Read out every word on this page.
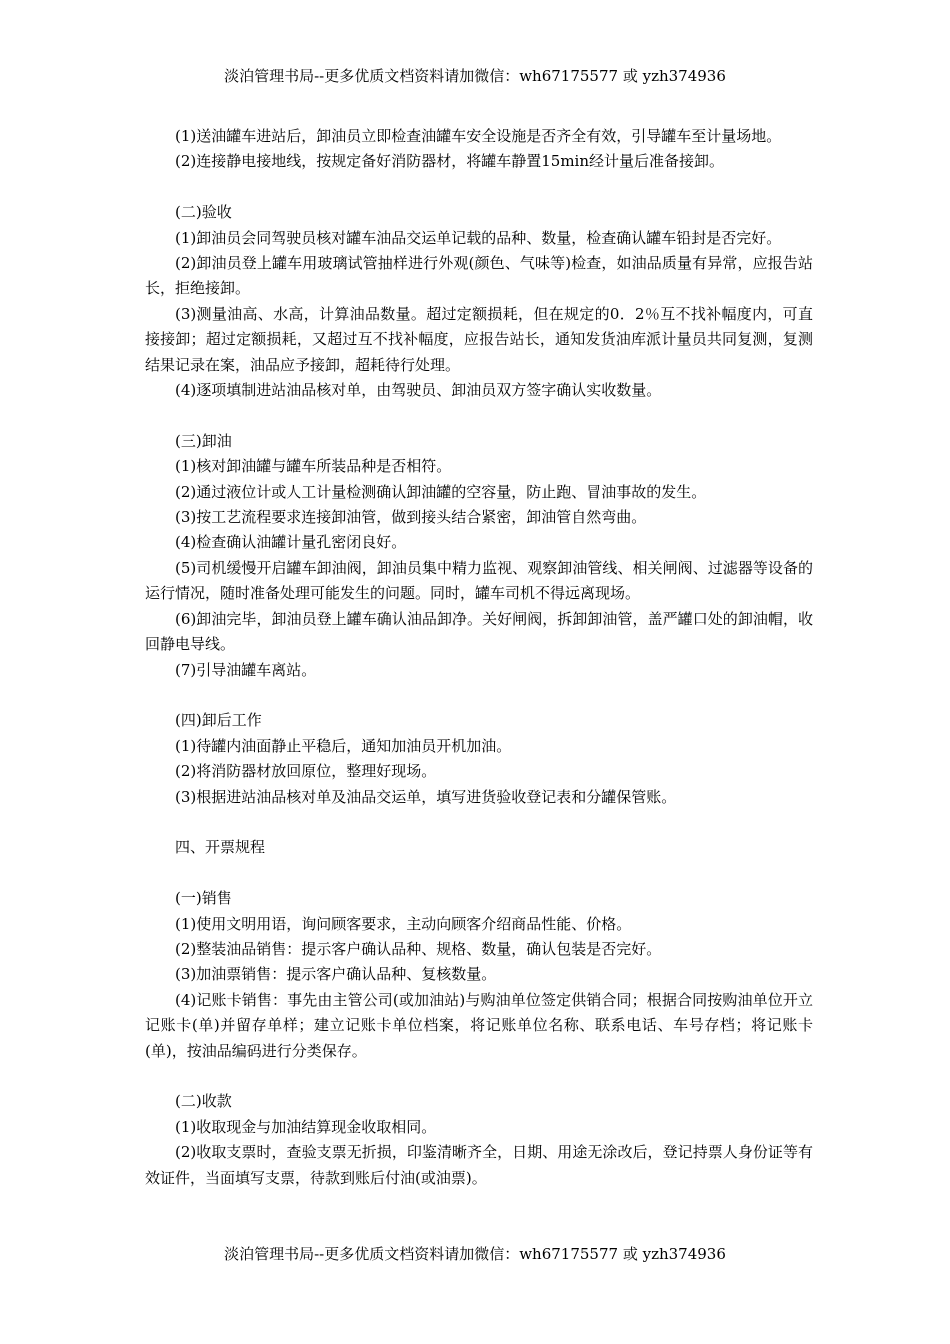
淡泊管理书局--更多优质文档资料请加微信：wh67175577 或 yzh374936

(1)送油罐车进站后，卸油员立即检查油罐车安全设施是否齐全有效，引导罐车至计量场地。

(2)连接静电接地线，按规定备好消防器材，将罐车静置15min经计量后准备接卸。

(二)验收

(1)卸油员会同驾驶员核对罐车油品交运单记载的品种、数量，检查确认罐车铅封是否完好。

(2)卸油员登上罐车用玻璃试管抽样进行外观(颜色、气味等)检查，如油品质量有异常，应报告站长，拒绝接卸。

(3)测量油高、水高，计算油品数量。超过定额损耗，但在规定的0．2％互不找补幅度内，可直接接卸；超过定额损耗，又超过互不找补幅度，应报告站长，通知发货油库派计量员共同复测，复测结果记录在案，油品应予接卸，超耗待行处理。

(4)逐项填制进站油品核对单，由驾驶员、卸油员双方签字确认实收数量。

(三)卸油

(1)核对卸油罐与罐车所装品种是否相符。

(2)通过液位计或人工计量检测确认卸油罐的空容量，防止跑、冒油事故的发生。

(3)按工艺流程要求连接卸油管，做到接头结合紧密，卸油管自然弯曲。

(4)检查确认油罐计量孔密闭良好。

(5)司机缓慢开启罐车卸油阀，卸油员集中精力监视、观察卸油管线、相关闸阀、过滤器等设备的运行情况，随时准备处理可能发生的问题。同时，罐车司机不得远离现场。

(6)卸油完毕，卸油员登上罐车确认油品卸净。关好闸阀，拆卸卸油管，盖严罐口处的卸油帽，收回静电导线。

(7)引导油罐车离站。

(四)卸后工作

(1)待罐内油面静止平稳后，通知加油员开机加油。

(2)将消防器材放回原位，整理好现场。

(3)根据进站油品核对单及油品交运单，填写进货验收登记表和分罐保管账。

四、开票规程

(一)销售

(1)使用文明用语，询问顾客要求，主动向顾客介绍商品性能、价格。

(2)整装油品销售：提示客户确认品种、规格、数量，确认包装是否完好。

(3)加油票销售：提示客户确认品种、复核数量。

(4)记账卡销售：事先由主管公司(或加油站)与购油单位签定供销合同；根据合同按购油单位开立记账卡(单)并留存单样；建立记账卡单位档案，将记账单位名称、联系电话、车号存档；将记账卡(单)，按油品编码进行分类保存。

(二)收款

(1)收取现金与加油结算现金收取相同。

(2)收取支票时，查验支票无折损，印鉴清晰齐全，日期、用途无涂改后，登记持票人身份证等有效证件，当面填写支票，待款到账后付油(或油票)。

淡泊管理书局--更多优质文档资料请加微信：wh67175577 或 yzh374936
